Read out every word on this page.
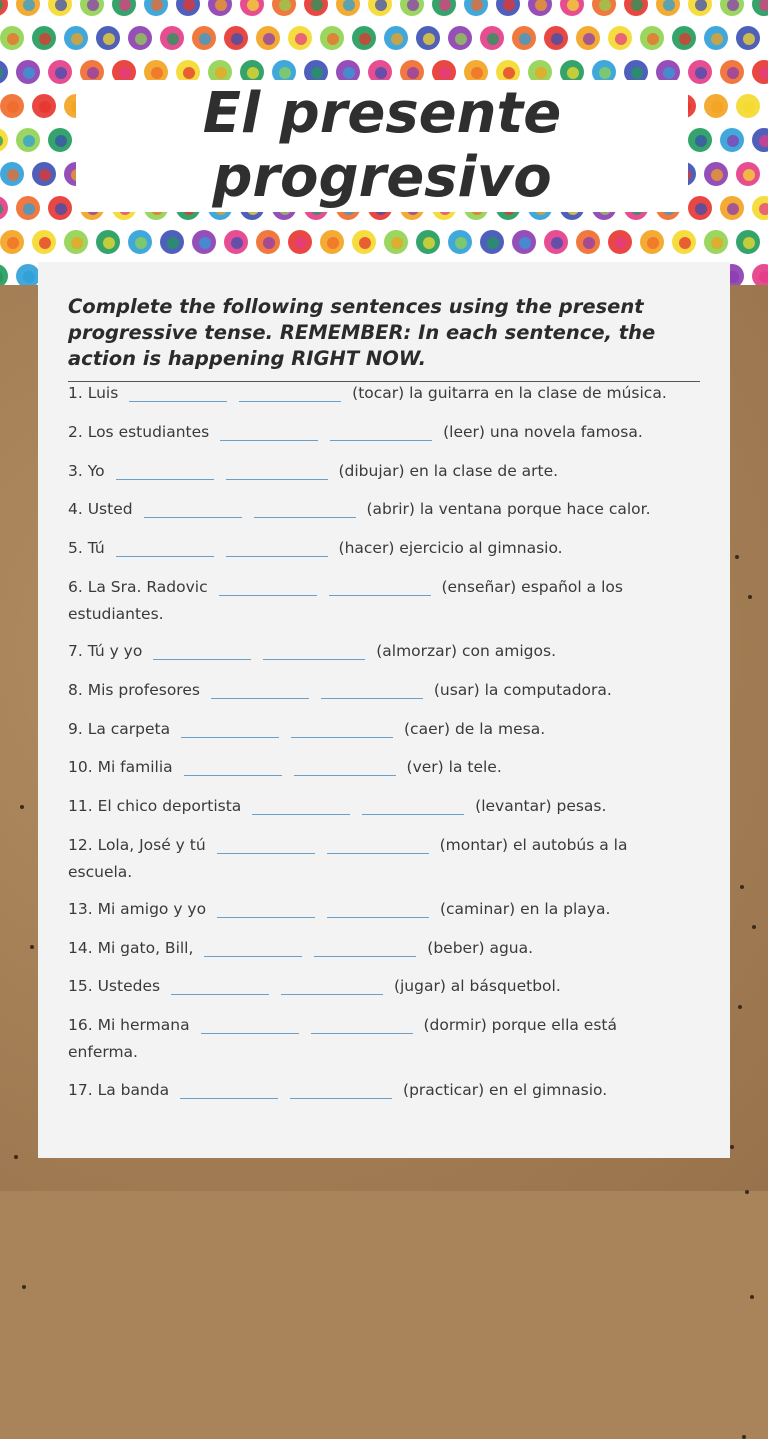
El presente progresivo

Complete the following sentences using the present progressive tense. REMEMBER: In each sentence, the action is happening RIGHT NOW.

1. Luis	(tocar) la guitarra en la clase de música.
2. Los estudiantes	(leer) una novela famosa.
3. Yo	(dibujar) en la clase de arte.
4. Usted	(abrir) la ventana porque hace calor.
5. Tú	(hacer) ejercicio al gimnasio.
6. La Sra. Radovic	(enseñar) español a los estudiantes.
7. Tú y yo	(almorzar) con amigos.
8. Mis profesores	(usar) la computadora.
9. La carpeta	(caer) de la mesa.
10. Mi familia	(ver) la tele.
11. El chico deportista	(levantar) pesas.
12. Lola, José y tú	(montar) el autobús a la escuela.
13. Mi amigo y yo	(caminar) en la playa.
14. Mi gato, Bill,	(beber) agua.
15. Ustedes	(jugar) al básquetbol.
16. Mi hermana	(dormir) porque ella está enferma.
17. La banda	(practicar) en el gimnasio.
